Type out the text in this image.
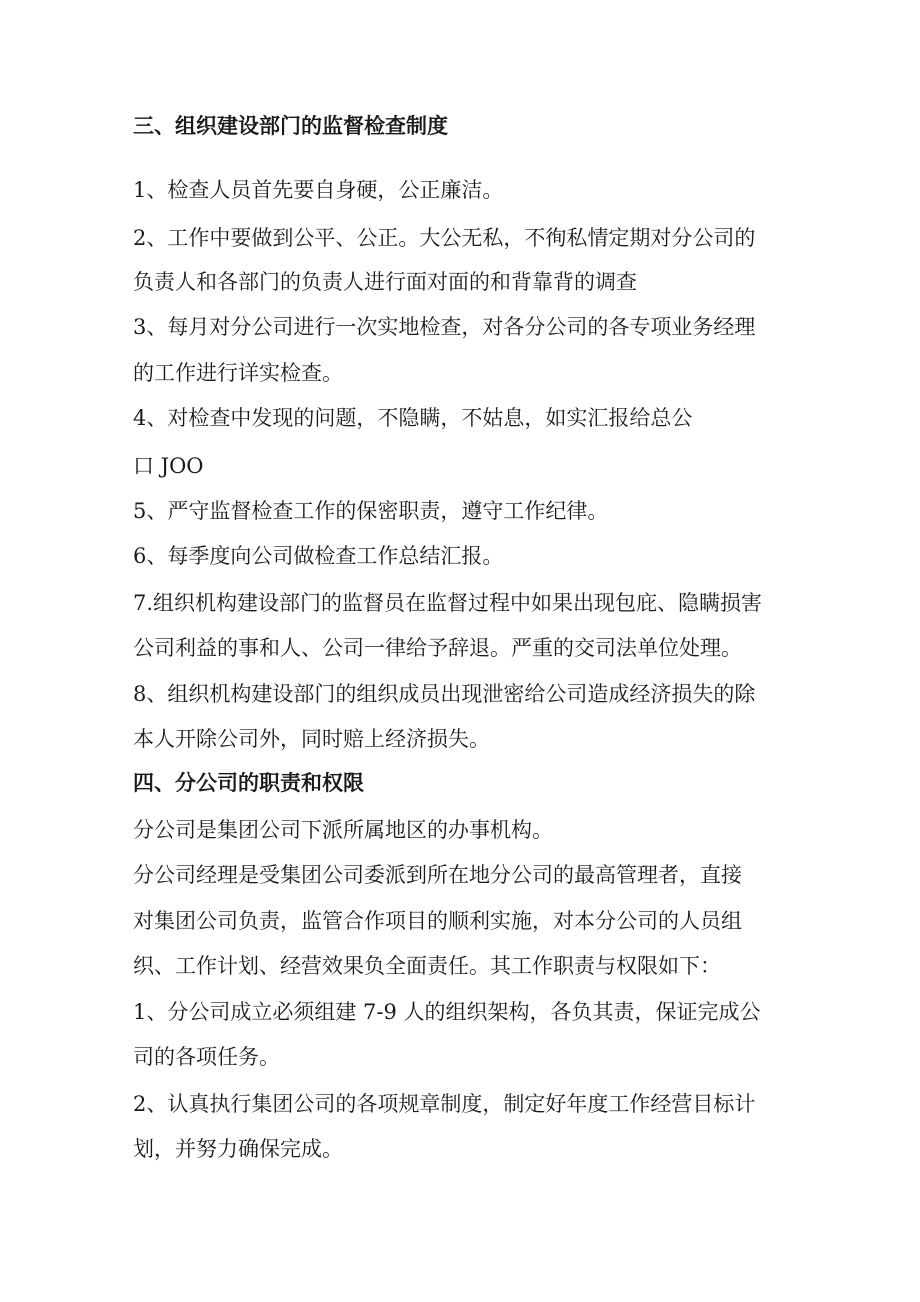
三、组织建设部门的监督检查制度
1、检查人员首先要自身硬，公正廉洁。
2、工作中要做到公平、公正。大公无私，不徇私情定期对分公司的
负责人和各部门的负责人进行面对面的和背靠背的调查
3、每月对分公司进行一次实地检查，对各分公司的各专项业务经理
的工作进行详实检查。
4、对检查中发现的问题，不隐瞒，不姑息，如实汇报给总公
口 JOO
5、严守监督检查工作的保密职责，遵守工作纪律。
6、每季度向公司做检查工作总结汇报。
7.组织机构建设部门的监督员在监督过程中如果出现包庇、隐瞒损害
公司利益的事和人、公司一律给予辞退。严重的交司法单位处理。
8、组织机构建设部门的组织成员出现泄密给公司造成经济损失的除
本人开除公司外，同时赔上经济损失。
四、分公司的职责和权限
分公司是集团公司下派所属地区的办事机构。
分公司经理是受集团公司委派到所在地分公司的最高管理者，直接
对集团公司负责，监管合作项目的顺利实施，对本分公司的人员组
织、工作计划、经营效果负全面责任。其工作职责与权限如下：
1、分公司成立必须组建 7-9 人的组织架构，各负其责，保证完成公
司的各项任务。
2、认真执行集团公司的各项规章制度，制定好年度工作经营目标计
划，并努力确保完成。
